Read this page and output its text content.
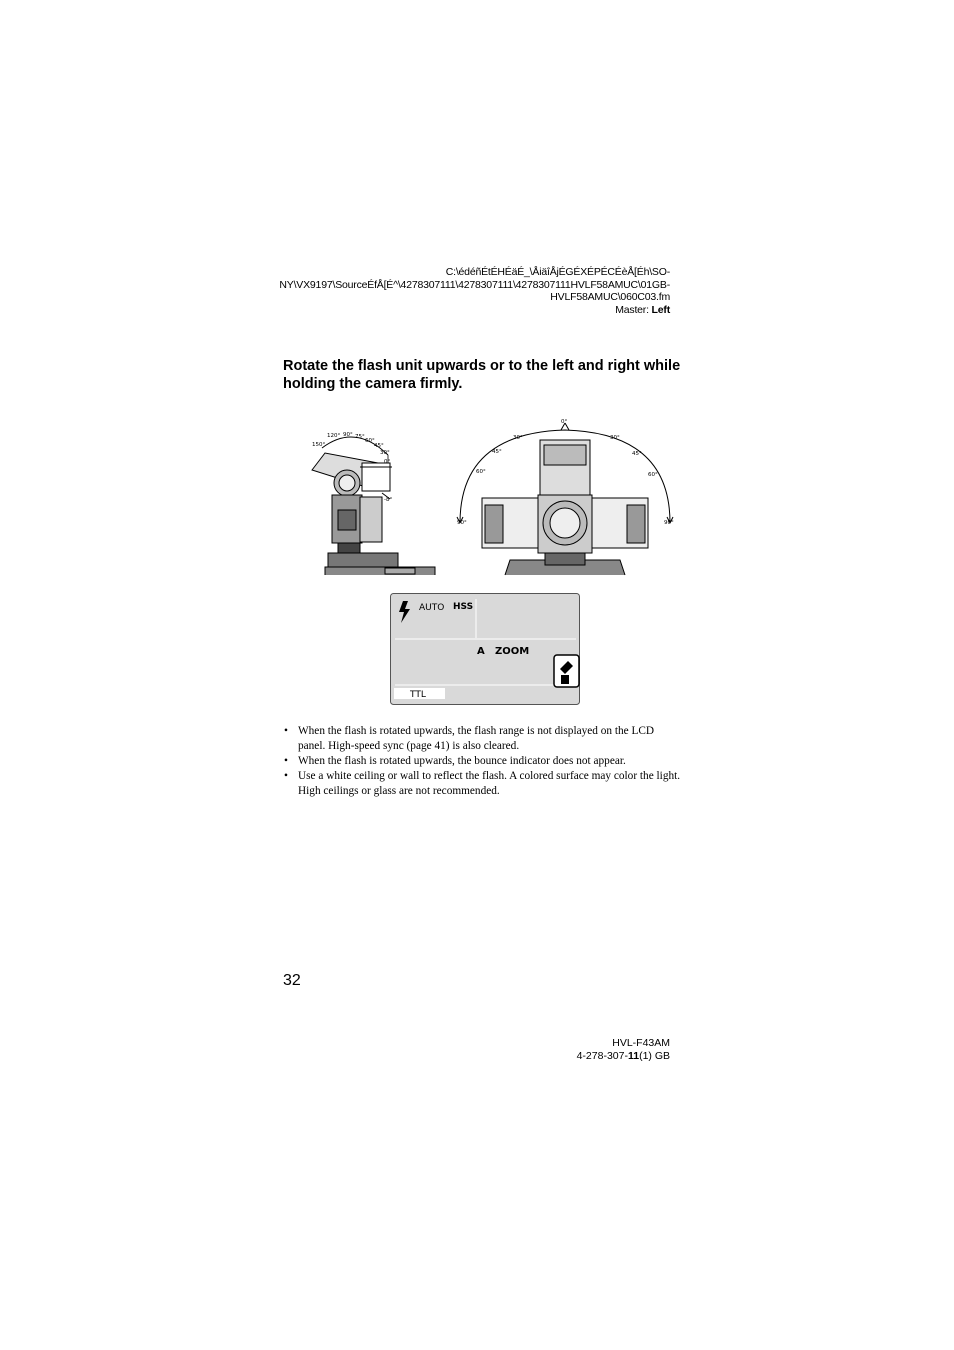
C:\édéñÉtÉHÉäÉ_\ÅiäîÅjÉGÉXÉPÉCÉèÅ[Éh\SO-
NY\VX9197\SourceÉfÅ[É^\4278307111\4278307111\4278307111HVLF58AMUC\01GB-
HVLF58AMUC\060C03.fm
Master: Left
Rotate the flash unit upwards or to the left and right while holding the camera firmly.
150°
120° 90° 75°
60°
45°
30°
0°
-8°
0°
30°	30°
45°	45°
60°	60°
90°	90°
AUTO HSS
A ZOOM
TTL
• When the flash is rotated upwards, the flash range is not displayed on the LCD panel. High-speed sync (page 41) is also cleared.
• When the flash is rotated upwards, the bounce indicator does not appear.
• Use a white ceiling or wall to reflect the flash. A colored surface may color the light. High ceilings or glass are not recommended.
32
HVL-F43AM
4-278-307-11(1) GB
